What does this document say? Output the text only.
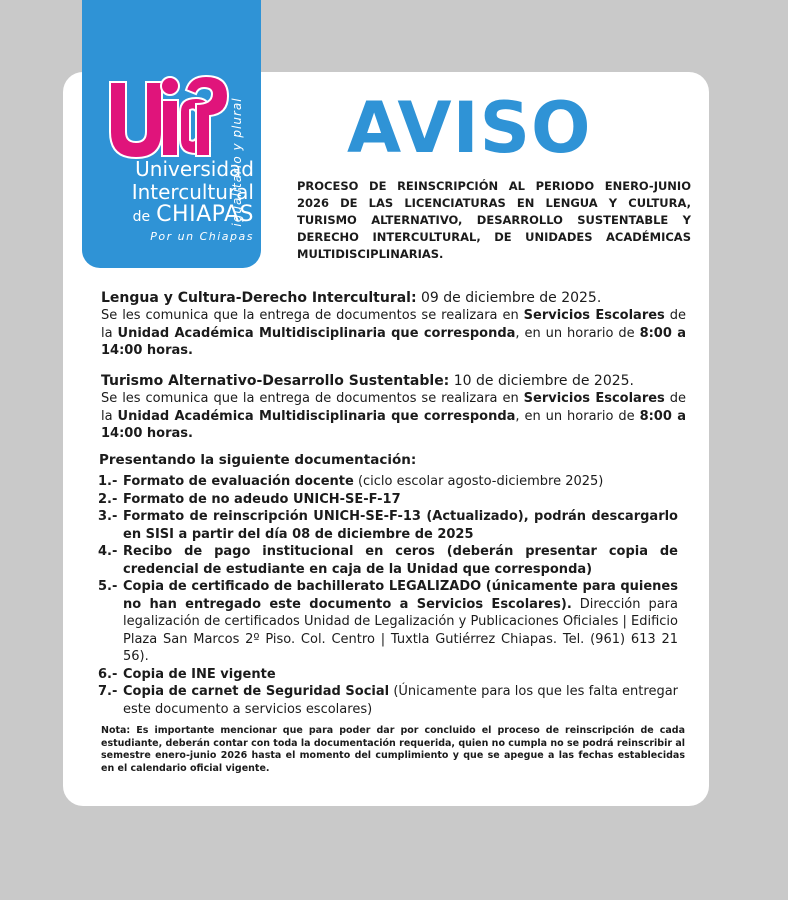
Universidad
Intercultural
de CHIAPAS
Por un Chiapas
igualitario y plural AVISO
PROCESO DE REINSCRIPCIÓN AL PERIODO ENERO-JUNIO 2026 DE LAS LICENCIATURAS EN LENGUA Y CULTURA, TURISMO ALTERNATIVO, DESARROLLO SUSTENTABLE Y DERECHO INTERCULTURAL, DE UNIDADES ACADÉMICAS MULTIDISCIPLINARIAS.
Lengua y Cultura-Derecho Intercultural: 09 de diciembre de 2025.
Se les comunica que la entrega de documentos se realizara en Servicios Escolares de la Unidad Académica Multidisciplinaria que corresponda, en un horario de 8:00 a 14:00 horas.
Turismo Alternativo-Desarrollo Sustentable: 10 de diciembre de 2025.
Se les comunica que la entrega de documentos se realizara en Servicios Escolares de la Unidad Académica Multidisciplinaria que corresponda, en un horario de 8:00 a 14:00 horas.
Presentando la siguiente documentación:
1.- Formato de evaluación docente (ciclo escolar agosto-diciembre 2025)
2.- Formato de no adeudo UNICH-SE-F-17
3.- Formato de reinscripción UNICH-SE-F-13 (Actualizado), podrán descargarlo en SISI a partir del día 08 de diciembre de 2025
4.- Recibo de pago institucional en ceros (deberán presentar copia de credencial de estudiante en caja de la Unidad que corresponda)
5.- Copia de certificado de bachillerato LEGALIZADO (únicamente para quienes no han entregado este documento a Servicios Escolares). Dirección para legalización de certificados Unidad de Legalización y Publicaciones Oficiales | Edificio Plaza San Marcos 2º Piso. Col. Centro | Tuxtla Gutiérrez Chiapas. Tel. (961) 613 21 56).
6.- Copia de INE vigente
7.- Copia de carnet de Seguridad Social (Únicamente para los que les falta entregar este documento a servicios escolares)
Nota: Es importante mencionar que para poder dar por concluido el proceso de reinscripción de cada estudiante, deberán contar con toda la documentación requerida, quien no cumpla no se podrá reinscribir al semestre enero-junio 2026 hasta el momento del cumplimiento y que se apegue a las fechas establecidas en el calendario oficial vigente.
